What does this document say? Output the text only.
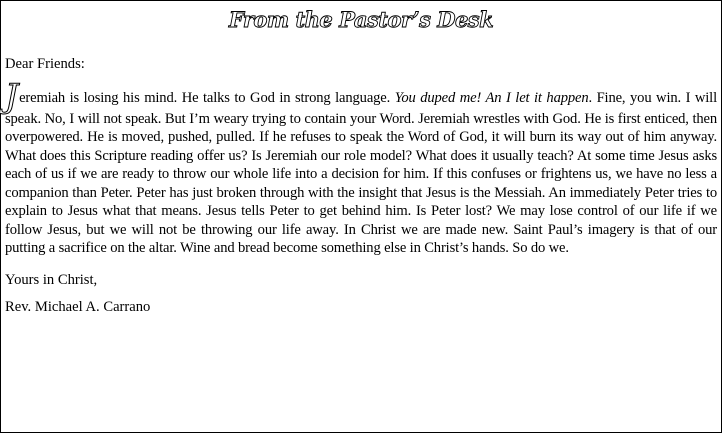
From the Pastor’s Desk

Dear Friends:

Jeremiah is losing his mind. He talks to God in strong language. You duped me! An I let it happen. Fine, you win. I will speak. No, I will not speak. But I’m weary trying to contain your Word. Jeremiah wrestles with God. He is first enticed, then overpowered. He is moved, pushed, pulled. If he refuses to speak the Word of God, it will burn its way out of him anyway. What does this Scripture reading offer us? Is Jeremiah our role model? What does it usually teach? At some time Jesus asks each of us if we are ready to throw our whole life into a decision for him. If this confuses or frightens us, we have no less a companion than Peter. Peter has just broken through with the insight that Jesus is the Messiah. An immediately Peter tries to explain to Jesus what that means. Jesus tells Peter to get behind him. Is Peter lost? We may lose control of our life if we follow Jesus, but we will not be throwing our life away. In Christ we are made new. Saint Paul’s imagery is that of our putting a sacrifice on the altar. Wine and bread become something else in Christ’s hands. So do we.

Yours in Christ,

Rev. Michael A. Carrano
